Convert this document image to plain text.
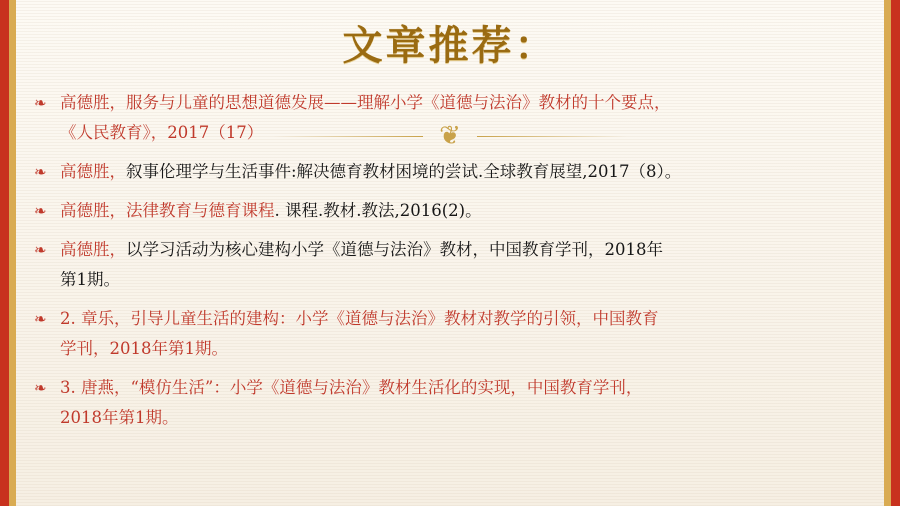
文章推荐：
❦
❧ 高德胜，服务与儿童的思想道德发展——理解小学《道德与法治》教材的十个要点，
《人民教育》，2017（17）
❧ 高德胜，叙事伦理学与生活事件:解决德育教材困境的尝试.全球教育展望,2017（8）。
❧ 高德胜，法律教育与德育课程. 课程.教材.教法,2016(2)。
❧ 高德胜，以学习活动为核心建构小学《道德与法治》教材，中国教育学刊，2018年
第1期。
❧ 2. 章乐，引导儿童生活的建构：小学《道德与法治》教材对教学的引领，中国教育
学刊，2018年第1期。
❧ 3. 唐燕，“模仿生活”：小学《道德与法治》教材生活化的实现，中国教育学刊，
2018年第1期。
